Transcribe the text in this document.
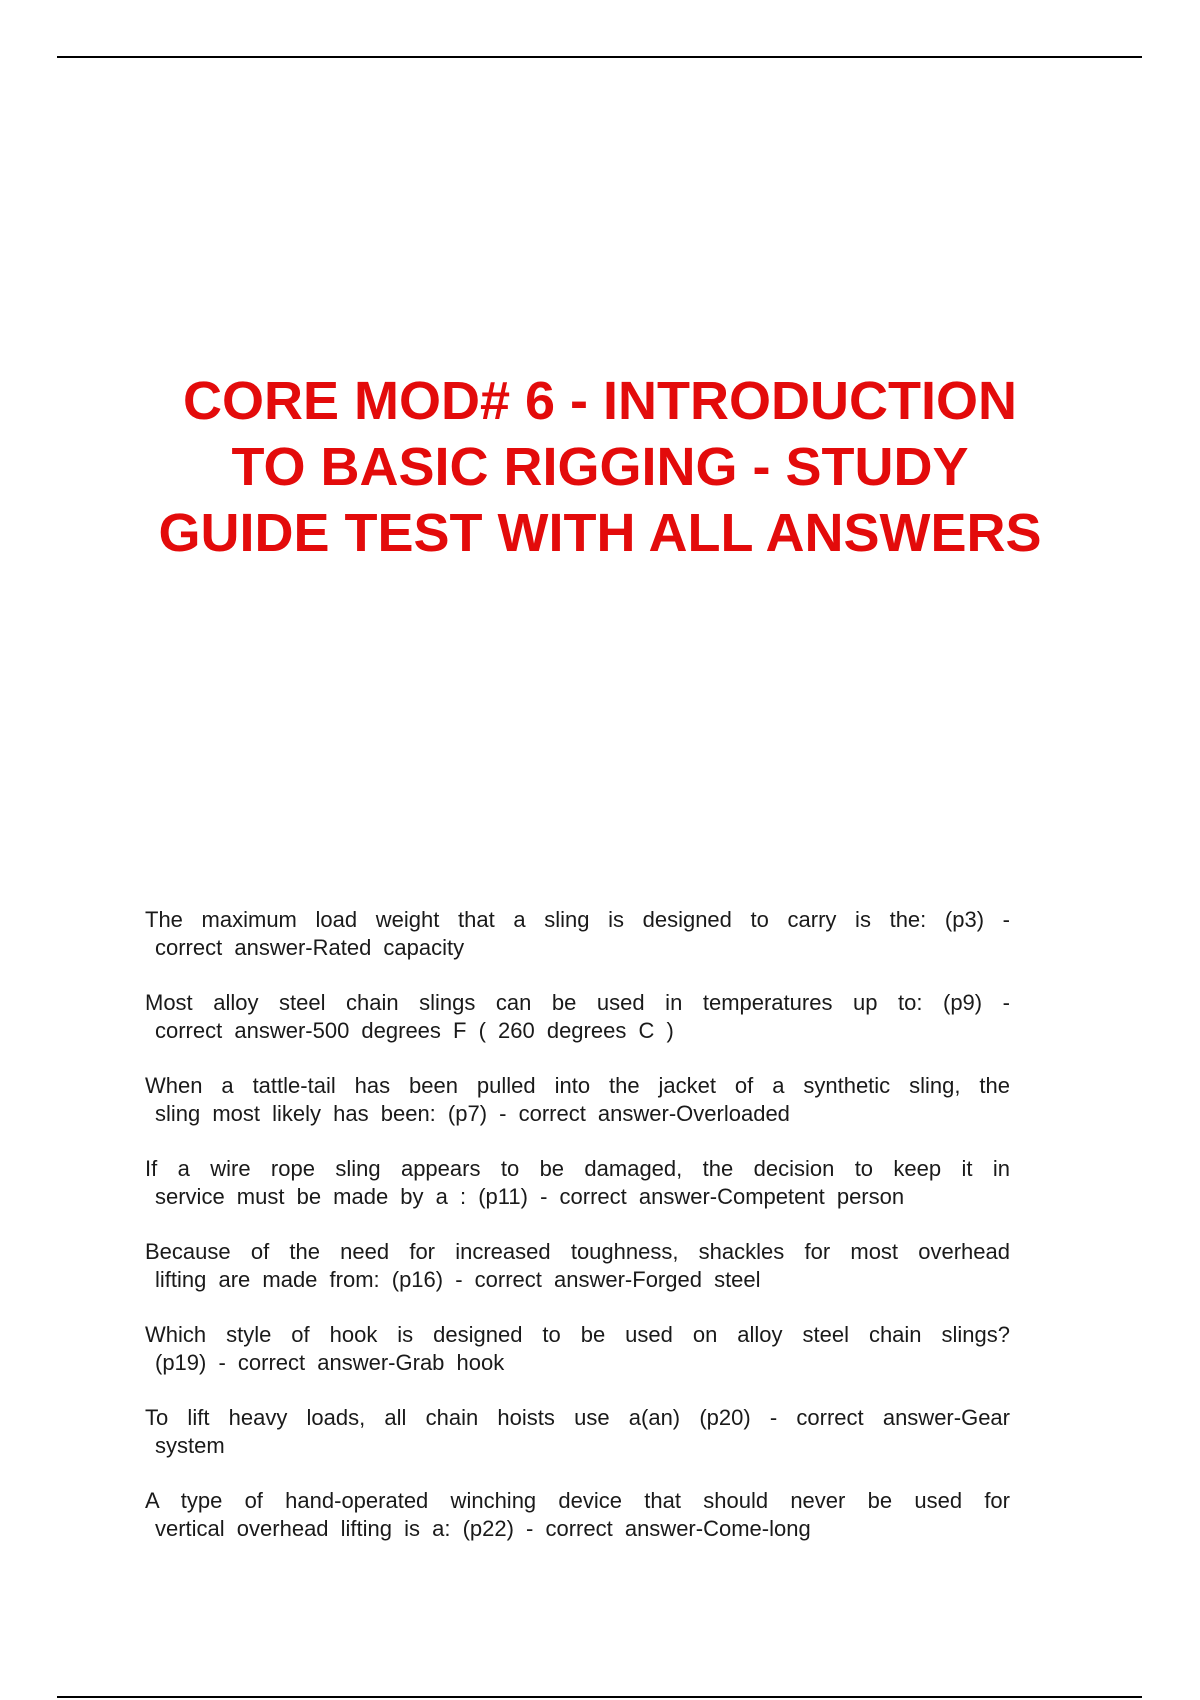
CORE MOD# 6 - INTRODUCTION TO BASIC RIGGING - STUDY GUIDE TEST WITH ALL ANSWERS
The maximum load weight that a sling is designed to carry is the: (p3) -
correct answer-Rated capacity
Most alloy steel chain slings can be used in temperatures up to: (p9) -
correct answer-500 degrees F ( 260 degrees C )
When a tattle-tail has been pulled into the jacket of a synthetic sling, the
sling most likely has been: (p7) - correct answer-Overloaded
If a wire rope sling appears to be damaged, the decision to keep it in
service must be made by a : (p11) - correct answer-Competent person
Because of the need for increased toughness, shackles for most overhead
lifting are made from: (p16) - correct answer-Forged steel
Which style of hook is designed to be used on alloy steel chain slings?
(p19) - correct answer-Grab hook
To lift heavy loads, all chain hoists use a(an) (p20) - correct answer-Gear
system
A type of hand-operated winching device that should never be used for
vertical overhead lifting is a: (p22) - correct answer-Come-long
